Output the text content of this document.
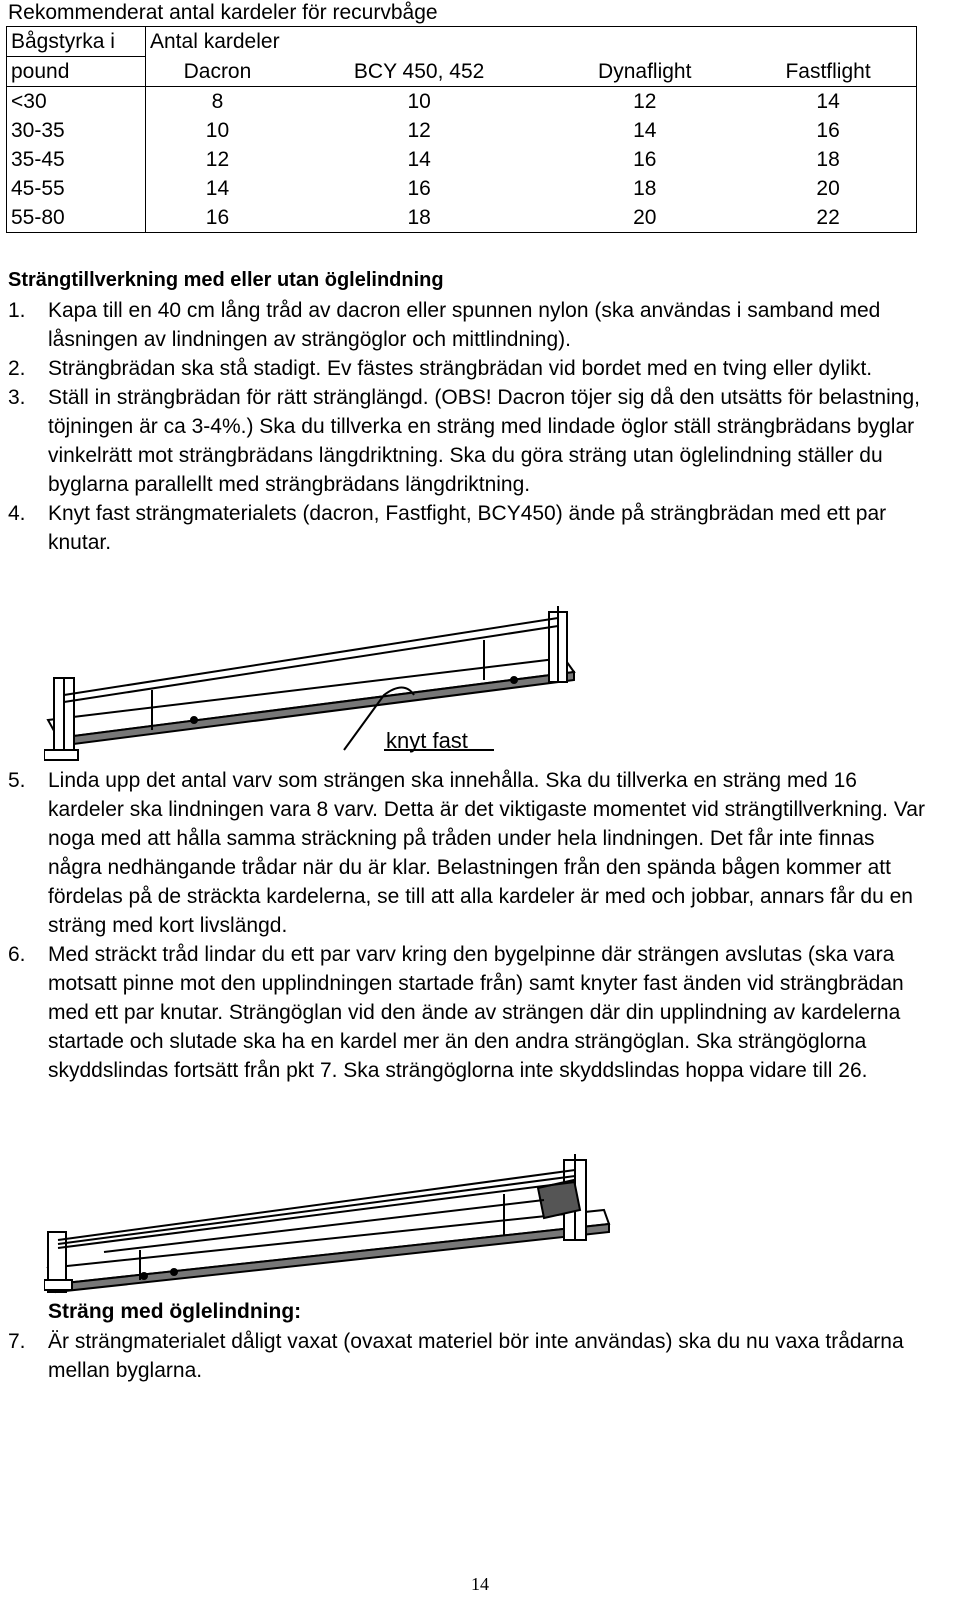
Rekommenderat antal kardeler för recurvbåge
Bågstyrka i	Antal kardeler			
pound	Dacron	BCY 450, 452	Dynaflight	Fastflight
<30	8	10	12	14
30-35	10	12	14	16
35-45	12	14	16	18
45-55	14	16	18	20
55-80	16	18	20	22
Strängtillverkning med eller utan öglelindning
1.	Kapa till en 40 cm lång tråd av dacron eller spunnen nylon (ska användas i samband med låsningen av lindningen av strängöglor och mittlindning).
2.	Strängbrädan ska stå stadigt. Ev fästes strängbrädan vid bordet med en tving eller dylikt.
3.	Ställ in strängbrädan för rätt stränglängd. (OBS! Dacron töjer sig då den utsätts för belastning, töjningen är ca 3-4%.) Ska du tillverka en sträng med lindade öglor ställ strängbrädans byglar vinkelrätt mot strängbrädans längdriktning. Ska du göra sträng utan öglelindning ställer du byglarna parallellt med strängbrädans längdriktning.
4.	Knyt fast strängmaterialets (dacron, Fastfight, BCY450) ände på strängbrädan med ett par knutar.
knyt fast
5.	Linda upp det antal varv som strängen ska innehålla. Ska du tillverka en sträng med 16 kardeler ska lindningen vara 8 varv. Detta är det viktigaste momentet vid strängtillverkning. Var noga med att hålla samma sträckning på tråden under hela lindningen. Det får inte finnas några nedhängande trådar när du är klar. Belastningen från den spända bågen kommer att fördelas på de sträckta kardelerna, se till att alla kardeler är med och jobbar, annars får du en sträng med kort livslängd.
6.	Med sträckt tråd lindar du ett par varv kring den bygelpinne där strängen avslutas (ska vara motsatt pinne mot den upplindningen startade från) samt knyter fast änden vid strängbrädan med ett par knutar. Strängöglan vid den ände av strängen där din upplindning av kardelerna startade och slutade ska ha en kardel mer än den andra strängöglan. Ska strängöglorna skyddslindas fortsätt från pkt 7. Ska strängöglorna inte skyddslindas hoppa vidare till 26.
Sträng med öglelindning:
7.	Är strängmaterialet dåligt vaxat (ovaxat materiel bör inte användas) ska du nu vaxa trådarna mellan byglarna.
14
